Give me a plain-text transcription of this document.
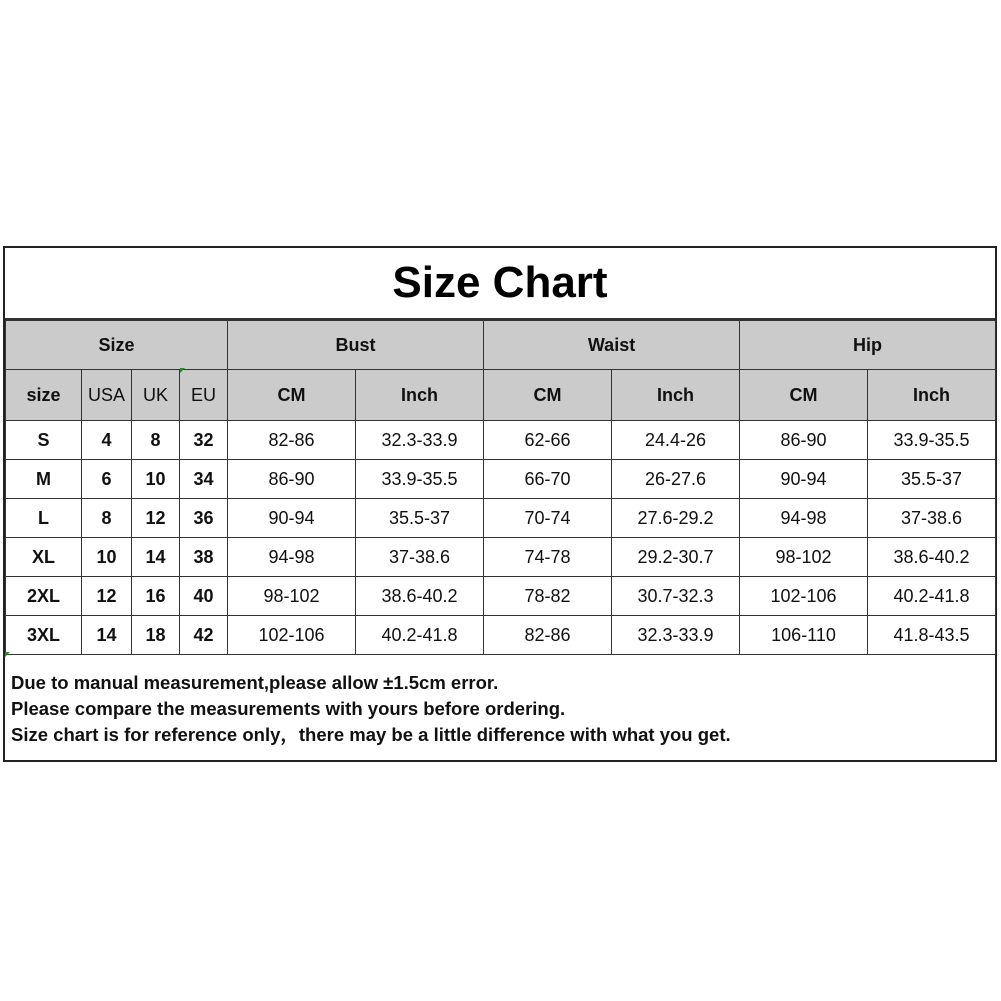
Size Chart
Size				Bust		Waist		Hip	
size	USA	UK	EU	CM	Inch	CM	Inch	CM	Inch
S	4	8	32	82-86	32.3-33.9	62-66	24.4-26	86-90	33.9-35.5
M	6	10	34	86-90	33.9-35.5	66-70	26-27.6	90-94	35.5-37
L	8	12	36	90-94	35.5-37	70-74	27.6-29.2	94-98	37-38.6
XL	10	14	38	94-98	37-38.6	74-78	29.2-30.7	98-102	38.6-40.2
2XL	12	16	40	98-102	38.6-40.2	78-82	30.7-32.3	102-106	40.2-41.8
3XL	14	18	42	102-106	40.2-41.8	82-86	32.3-33.9	106-110	41.8-43.5
Due to manual measurement,please allow ±1.5cm error.
Please compare the measurements with yours before ordering.
Size chart is for reference only，there may be a little difference with what you get.
